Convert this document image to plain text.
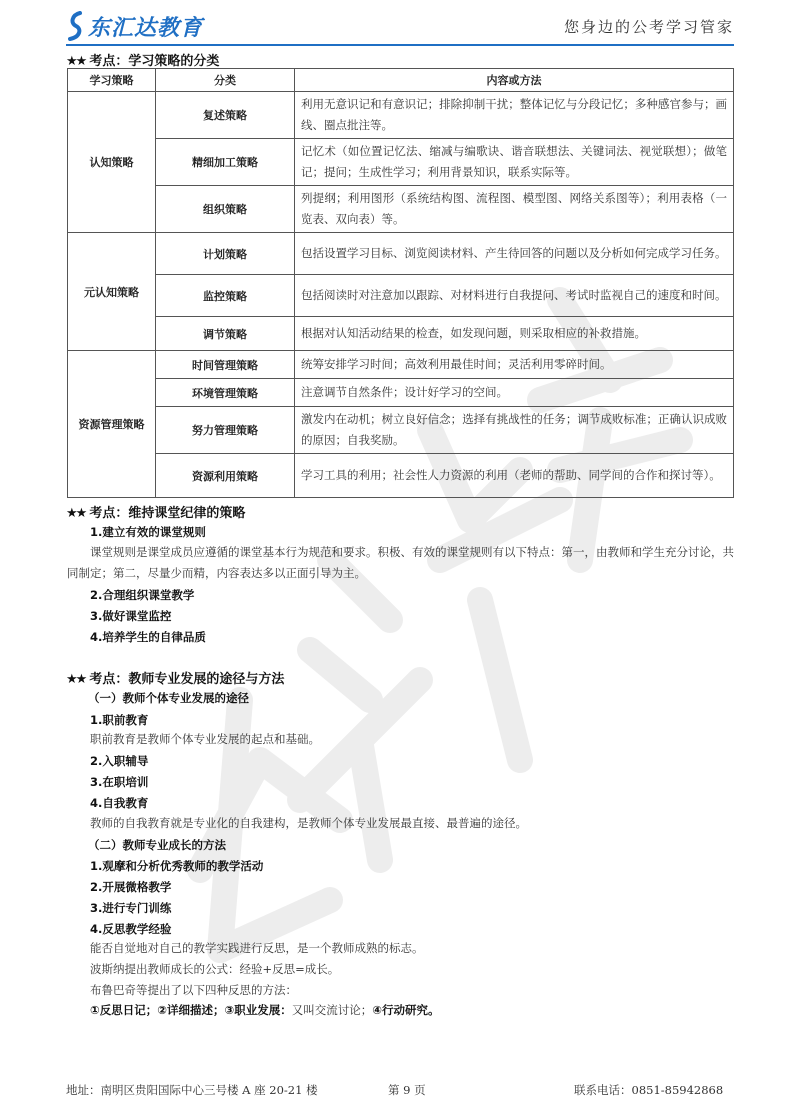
东汇达教育	您身边的公考学习管家
★★ 考点：学习策略的分类
学习策略	分类	内容或方法
认知策略	复述策略	利用无意识记和有意识记；排除抑制干扰；整体记忆与分段记忆；多种感官参与；画线、圈点批注等。
	精细加工策略	记忆术（如位置记忆法、缩减与编歌诀、谐音联想法、关键词法、视觉联想）；做笔记；提问；生成性学习；利用背景知识，联系实际等。
	组织策略	列提纲；利用图形（系统结构图、流程图、模型图、网络关系图等）；利用表格（一览表、双向表）等。
元认知策略	计划策略	包括设置学习目标、浏览阅读材料、产生待回答的问题以及分析如何完成学习任务。
	监控策略	包括阅读时对注意加以跟踪、对材料进行自我提问、考试时监视自己的速度和时间。
	调节策略	根据对认知活动结果的检查，如发现问题，则采取相应的补救措施。
资源管理策略	时间管理策略	统筹安排学习时间；高效利用最佳时间；灵活利用零碎时间。
	环境管理策略	注意调节自然条件；设计好学习的空间。
	努力管理策略	激发内在动机；树立良好信念；选择有挑战性的任务；调节成败标准；正确认识成败的原因；自我奖励。
	资源利用策略	学习工具的利用；社会性人力资源的利用（老师的帮助、同学间的合作和探讨等）。
★★ 考点：维持课堂纪律的策略
1.建立有效的课堂规则
课堂规则是课堂成员应遵循的课堂基本行为规范和要求。积极、有效的课堂规则有以下特点：第一，由教师和学生充分讨论，共同制定；第二，尽量少而精，内容表达多以正面引导为主。
2.合理组织课堂教学
3.做好课堂监控
4.培养学生的自律品质
★★ 考点：教师专业发展的途径与方法
（一）教师个体专业发展的途径
1.职前教育
职前教育是教师个体专业发展的起点和基础。
2.入职辅导
3.在职培训
4.自我教育
教师的自我教育就是专业化的自我建构，是教师个体专业发展最直接、最普遍的途径。
（二）教师专业成长的方法
1.观摩和分析优秀教师的教学活动
2.开展微格教学
3.进行专门训练
4.反思教学经验
能否自觉地对自己的教学实践进行反思，是一个教师成熟的标志。
波斯纳提出教师成长的公式：经验+反思=成长。
布鲁巴奇等提出了以下四种反思的方法：
①反思日记；②详细描述；③职业发展：又叫交流讨论；④行动研究。
地址：南明区贵阳国际中心三号楼 A 座 20-21 楼	第 9 页	联系电话：0851-85942868
